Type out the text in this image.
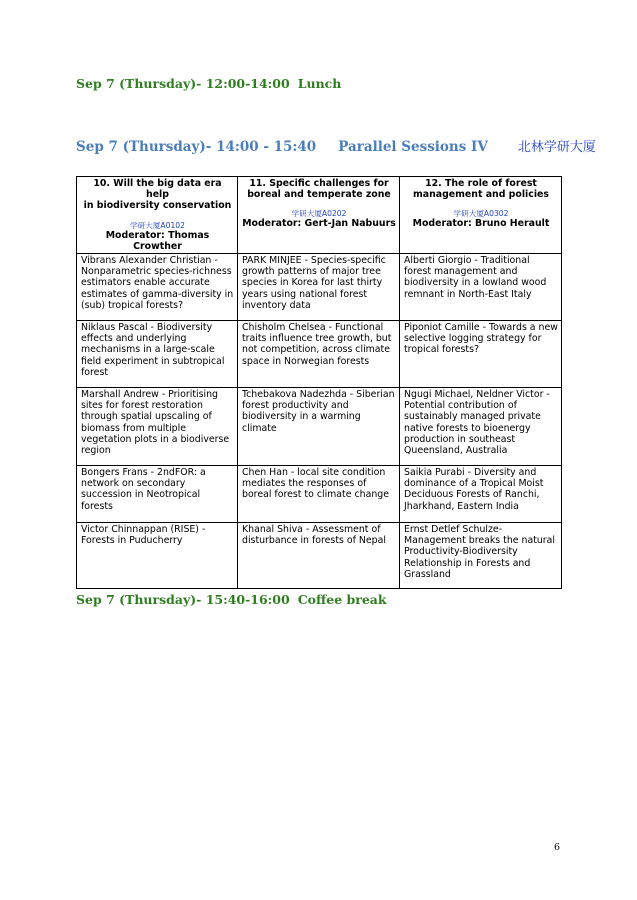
Sep 7 (Thursday)- 12:00-14:00 Lunch
Sep 7 (Thursday)- 14:00 - 15:40 Parallel Sessions IV 北林学研大厦
10. Will the big data era help
in biodiversity conservation
学研大厦A0102
Moderator: Thomas Crowther	11. Specific challenges for
boreal and temperate zone
学研大厦A0202
Moderator: Gert-Jan Nabuurs	12. The role of forest
management and policies
学研大厦A0302
Moderator: Bruno Herault

Vibrans Alexander Christian - Nonparametric species-richness estimators enable accurate estimates of gamma-diversity in (sub) tropical forests?	PARK MINJEE - Species-specific growth patterns of major tree species in Korea for last thirty years using national forest inventory data	Alberti Giorgio - Traditional forest management and biodiversity in a lowland wood remnant in North-East Italy
Niklaus Pascal - Biodiversity effects and underlying mechanisms in a large-scale field experiment in subtropical forest	Chisholm Chelsea - Functional traits influence tree growth, but not competition, across climate space in Norwegian forests	Piponiot Camille - Towards a new selective logging strategy for tropical forests?
Marshall Andrew - Prioritising sites for forest restoration through spatial upscaling of biomass from multiple vegetation plots in a biodiverse region	Tchebakova Nadezhda - Siberian forest productivity and biodiversity in a warming climate	Ngugi Michael, Neldner Victor - Potential contribution of sustainably managed private native forests to bioenergy production in southeast Queensland, Australia
Bongers Frans - 2ndFOR: a network on secondary succession in Neotropical forests	Chen Han - local site condition mediates the responses of boreal forest to climate change	Saikia Purabi - Diversity and dominance of a Tropical Moist Deciduous Forests of Ranchi, Jharkhand, Eastern India
Victor Chinnappan (RISE) - Forests in Puducherry	Khanal Shiva - Assessment of disturbance in forests of Nepal	Ernst Detlef Schulze- Management breaks the natural Productivity-Biodiversity Relationship in Forests and Grassland
Sep 7 (Thursday)- 15:40-16:00 Coffee break
6
